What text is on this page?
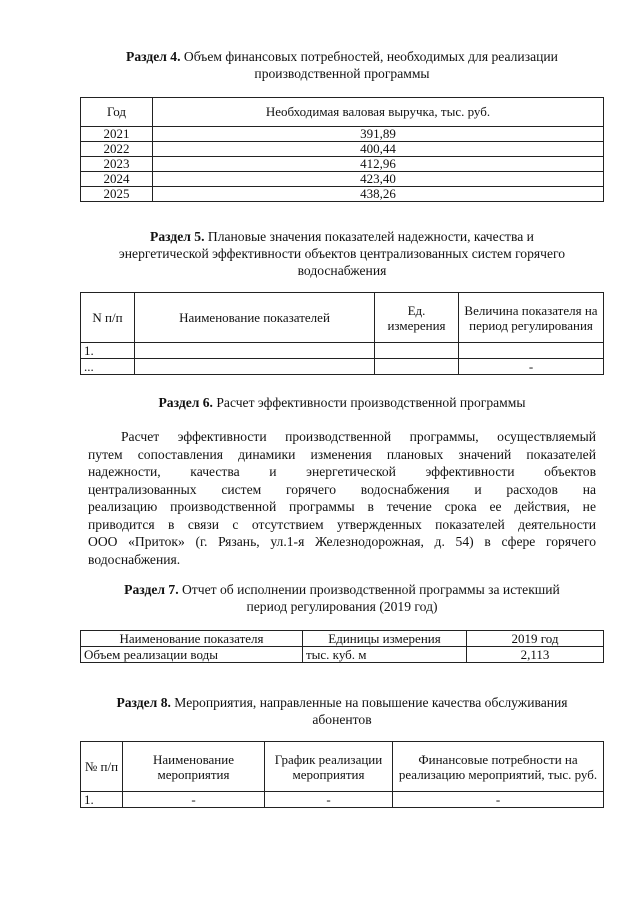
Раздел 4. Объем финансовых потребностей, необходимых для реализации
производственной программы
Год	Необходимая валовая выручка, тыс. руб.
2021	391,89
2022	400,44
2023	412,96
2024	423,40
2025	438,26
Раздел 5. Плановые значения показателей надежности, качества и
энергетической эффективности объектов централизованных систем горячего
водоснабжения
N п/п	Наименование показателей	Ед. измерения	Величина показателя на период регулирования
1.			
...			-
Раздел 6. Расчет эффективности производственной программы
Расчет эффективности производственной программы, осуществляемый
путем сопоставления динамики изменения плановых значений показателей
надежности, качества и энергетической эффективности объектов
централизованных систем горячего водоснабжения и расходов на
реализацию производственной программы в течение срока ее действия, не
приводится в связи с отсутствием утвержденных показателей деятельности
ООО «Приток» (г. Рязань, ул.1-я Железнодорожная, д. 54) в сфере горячего
водоснабжения.
Раздел 7. Отчет об исполнении производственной программы за истекший
период регулирования (2019 год)
Наименование показателя	Единицы измерения	2019 год
Объем реализации воды	тыс. куб. м	2,113
Раздел 8. Мероприятия, направленные на повышение качества обслуживания
абонентов
№ п/п	Наименование мероприятия	График реализации мероприятия	Финансовые потребности на реализацию мероприятий, тыс. руб.
1.	-	-	-
